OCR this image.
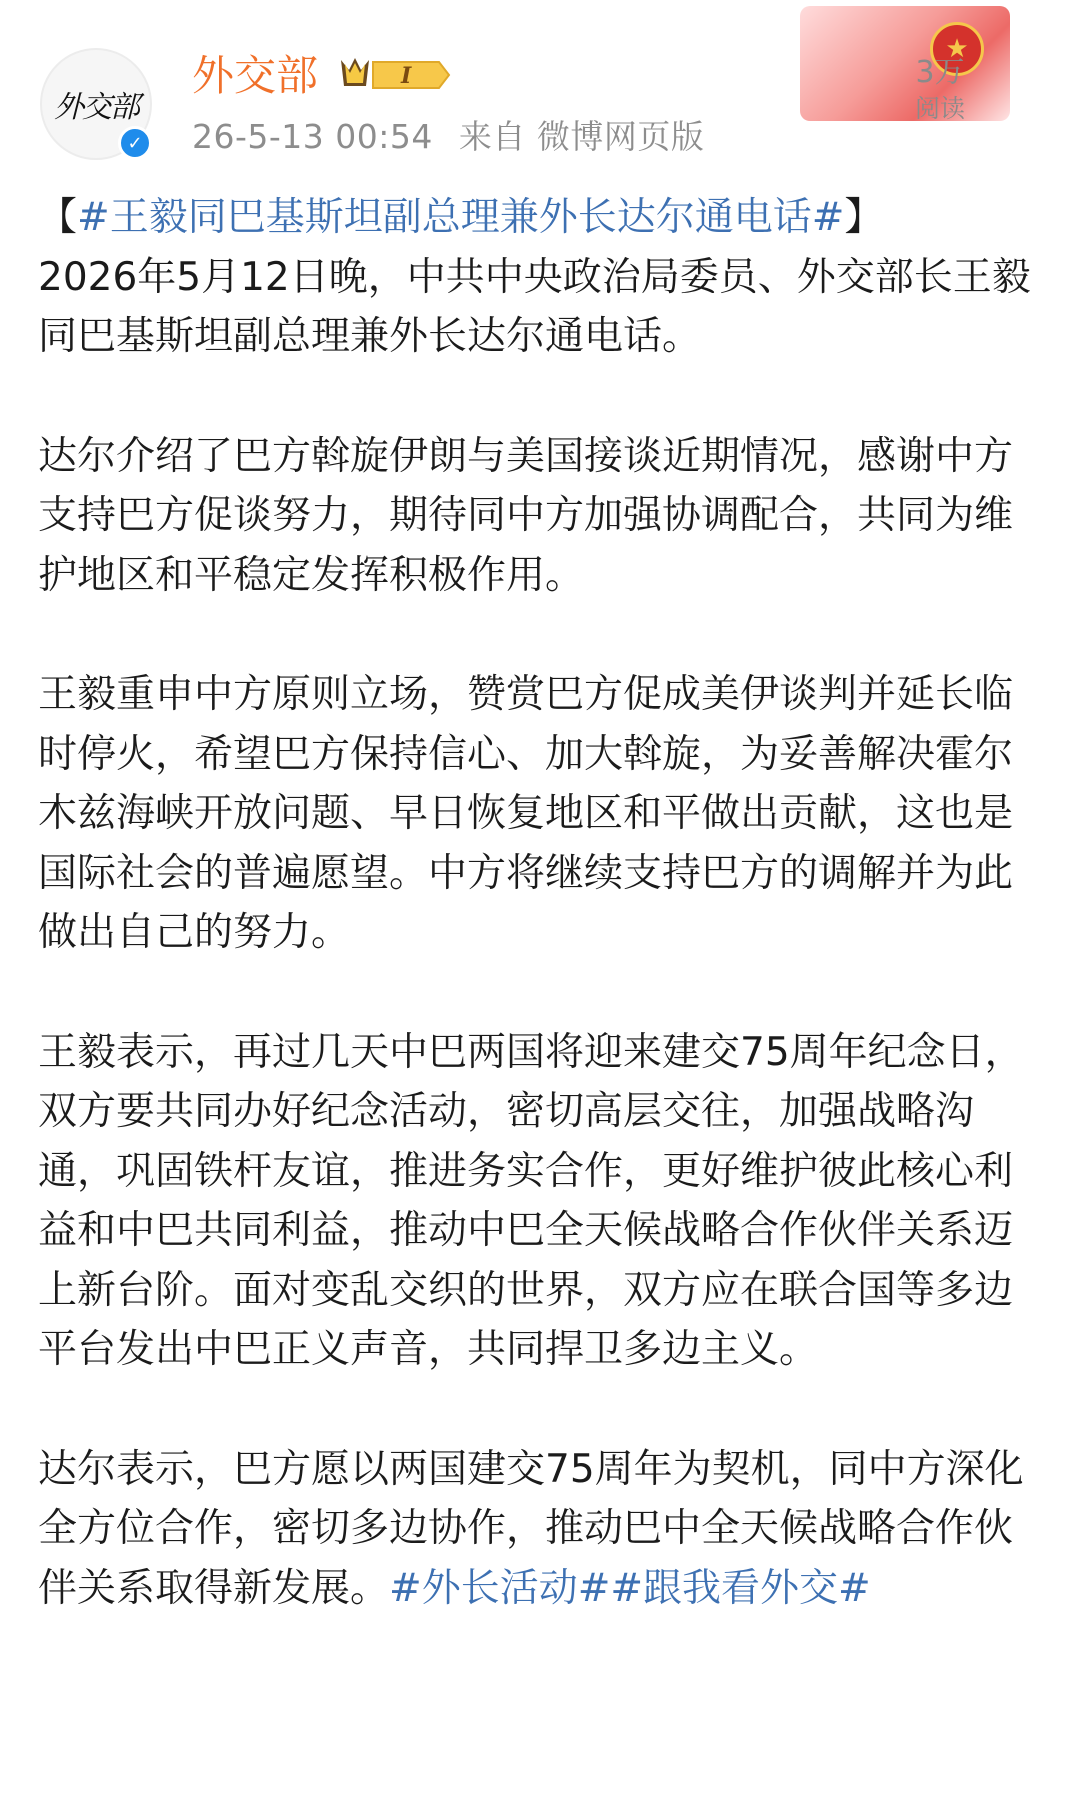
外交部
✓
外交部	I
26-5-13 00:54 来自 微博网页版
★
3万
阅读

【#王毅同巴基斯坦副总理兼外长达尔通电话#】

2026年5月12日晚，中共中央政治局委员、外交部长王毅同巴基斯坦副总理兼外长达尔通电话。

达尔介绍了巴方斡旋伊朗与美国接谈近期情况，感谢中方支持巴方促谈努力，期待同中方加强协调配合，共同为维护地区和平稳定发挥积极作用。

王毅重申中方原则立场，赞赏巴方促成美伊谈判并延长临时停火，希望巴方保持信心、加大斡旋，为妥善解决霍尔木兹海峡开放问题、早日恢复地区和平做出贡献，这也是国际社会的普遍愿望。中方将继续支持巴方的调解并为此做出自己的努力。

王毅表示，再过几天中巴两国将迎来建交75周年纪念日，双方要共同办好纪念活动，密切高层交往，加强战略沟通，巩固铁杆友谊，推进务实合作，更好维护彼此核心利益和中巴共同利益，推动中巴全天候战略合作伙伴关系迈上新台阶。面对变乱交织的世界，双方应在联合国等多边平台发出中巴正义声音，共同捍卫多边主义。

达尔表示，巴方愿以两国建交75周年为契机，同中方深化全方位合作，密切多边协作，推动巴中全天候战略合作伙伴关系取得新发展。#外长活动##跟我看外交#
